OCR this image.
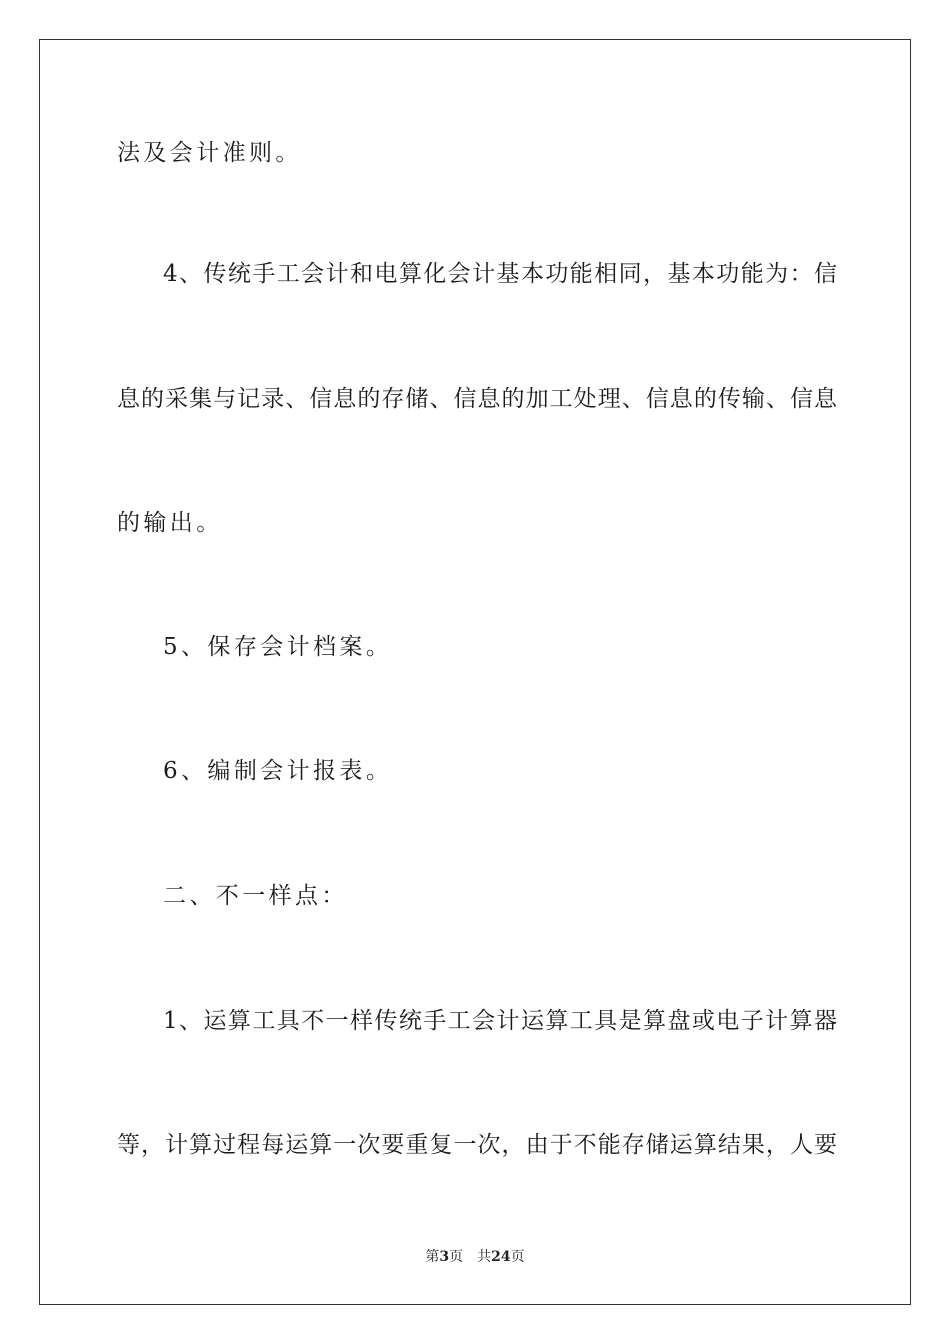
法及会计准则。
4、传统手工会计和电算化会计基本功能相同，基本功能为：信
息的采集与记录、信息的存储、信息的加工处理、信息的传输、信息
的输出。
5、保存会计档案。
6、编制会计报表。
二、不一样点：
1、运算工具不一样传统手工会计运算工具是算盘或电子计算器
等，计算过程每运算一次要重复一次，由于不能存储运算结果，人要
第3页 共24页
